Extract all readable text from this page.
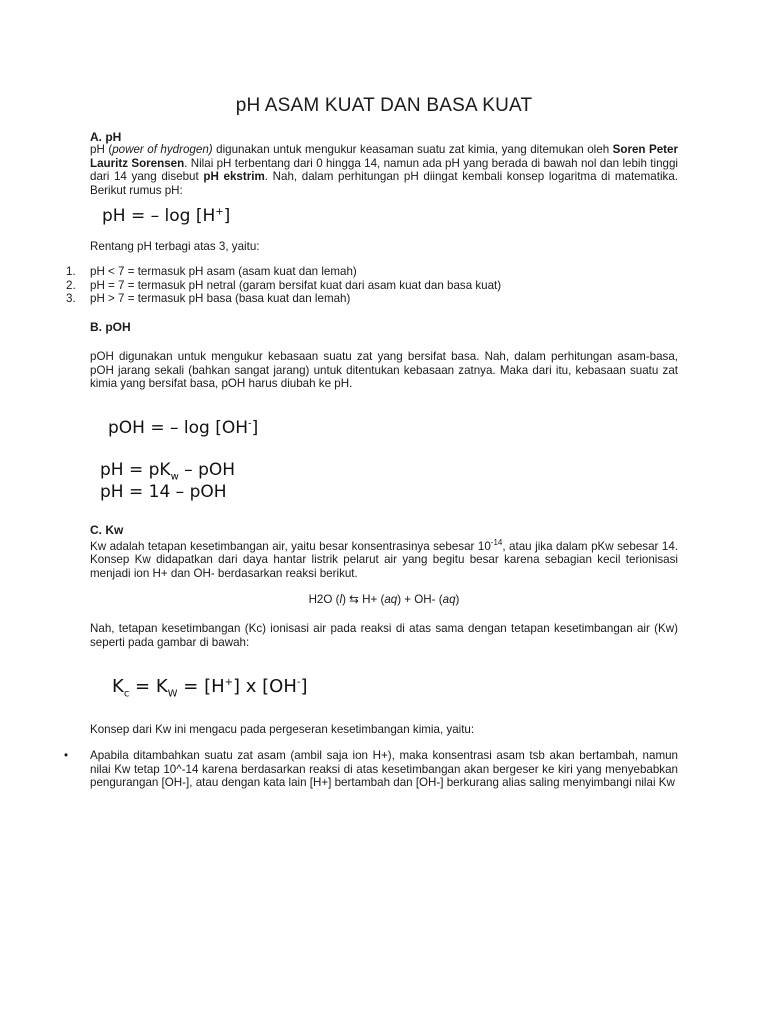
pH ASAM KUAT DAN BASA KUAT
A. pH
pH (power of hydrogen) digunakan untuk mengukur keasaman suatu zat kimia, yang ditemukan oleh Soren Peter Lauritz Sorensen. Nilai pH terbentang dari 0 hingga 14, namun ada pH yang berada di bawah nol dan lebih tinggi dari 14 yang disebut pH ekstrim. Nah, dalam perhitungan pH diingat kembali konsep logaritma di matematika. Berikut rumus pH:
pH = – log [H+]
Rentang pH terbagi atas 3, yaitu:
1. pH < 7 = termasuk pH asam (asam kuat dan lemah)
2. pH = 7 = termasuk pH netral (garam bersifat kuat dari asam kuat dan basa kuat)
3. pH > 7 = termasuk pH basa (basa kuat dan lemah)
B. pOH
pOH digunakan untuk mengukur kebasaan suatu zat yang bersifat basa. Nah, dalam perhitungan asam-basa, pOH jarang sekali (bahkan sangat jarang) untuk ditentukan kebasaan zatnya. Maka dari itu, kebasaan suatu zat kimia yang bersifat basa, pOH harus diubah ke pH.
pOH = – log [OH-]
pH = $pK_w$ – pOH
pH = 14 – pOH
C. Kw
Kw adalah tetapan kesetimbangan air, yaitu besar konsentrasinya sebesar $10^{-14}$, atau jika dalam pKw sebesar 14. Konsep Kw didapatkan dari daya hantar listrik pelarut air yang begitu besar karena sebagian kecil terionisasi menjadi ion H+ dan OH- berdasarkan reaksi berikut.
H2O (l) ⇆ H+ (aq) + OH- (aq)
Nah, tetapan kesetimbangan (Kc) ionisasi air pada reaksi di atas sama dengan tetapan kesetimbangan air (Kw) seperti pada gambar di bawah:
$K_c = K_W = [H^+]$ x [OH-]
Konsep dari Kw ini mengacu pada pergeseran kesetimbangan kimia, yaitu:
• Apabila ditambahkan suatu zat asam (ambil saja ion H+), maka konsentrasi asam tsb akan bertambah, namun nilai Kw tetap 10^-14 karena berdasarkan reaksi di atas kesetimbangan akan bergeser ke kiri yang menyebabkan pengurangan [OH-], atau dengan kata lain [H+] bertambah dan [OH-] berkurang alias saling menyimbangi nilai Kw
